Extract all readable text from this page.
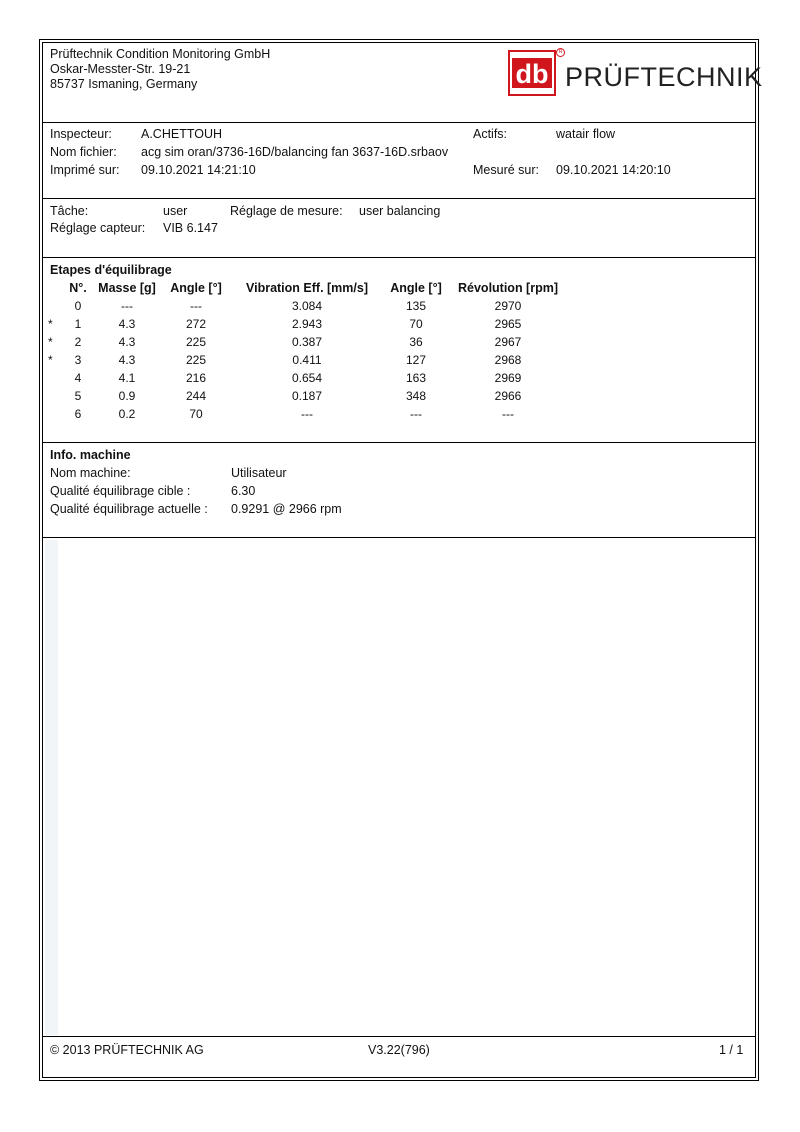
Prüftechnik Condition Monitoring GmbH
Oskar-Messter-Str. 19-21
85737 Ismaning, Germany	db
R
PRÜFTECHNIK
Inspecteur: A.CHETTOUH	Actifs:	watair flow
Nom fichier: acg sim oran/3736-16D/balancing fan 3637-16D.srbaov
Imprimé sur: 09.10.2021 14:21:10	Mesuré sur: 09.10.2021 14:20:10
Tâche:	user	Réglage de mesure: user balancing
Réglage capteur: VIB 6.147
Etapes d'équilibrage
	N°.	Masse [g]	Angle [°]	Vibration Eff. [mm/s]	Angle [°]	Révolution [rpm]
	0	---	---	3.084	135	2970
*	1	4.3	272	2.943	70	2965
*	2	4.3	225	0.387	36	2967
*	3	4.3	225	0.411	127	2968
	4	4.1	216	0.654	163	2969
	5	0.9	244	0.187	348	2966
	6	0.2	70	---	---	---
Info. machine
Nom machine:	Utilisateur
Qualité équilibrage cible :	6.30
Qualité équilibrage actuelle : 0.9291 @ 2966 rpm
© 2013 PRÜFTECHNIK AG	V3.22(796)	1 / 1
